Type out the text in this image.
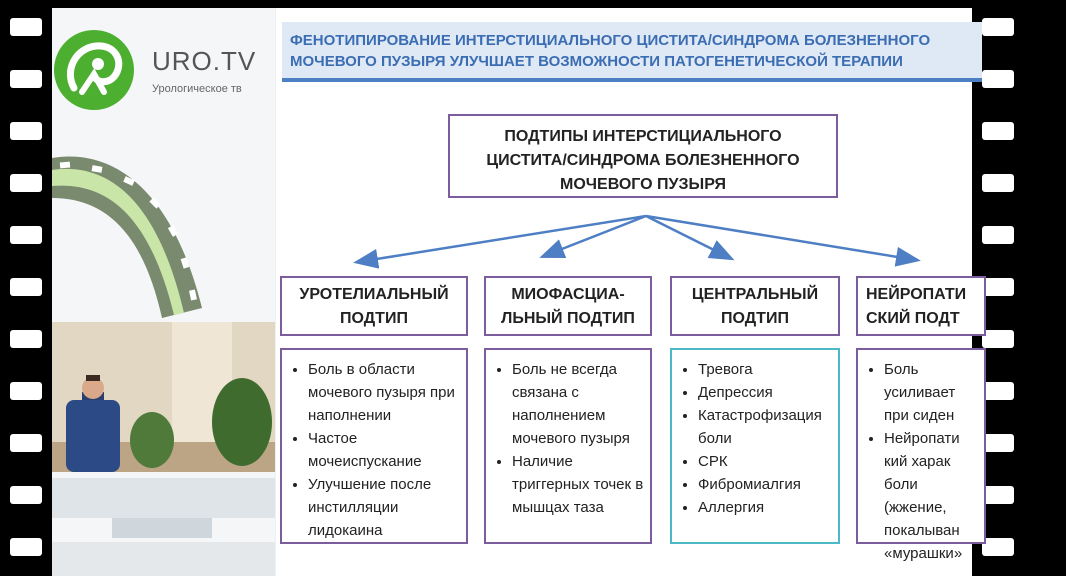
URO.TV
Урологическое тв
ФЕНОТИПИРОВАНИЕ ИНТЕРСТИЦИАЛЬНОГО ЦИСТИТА/СИНДРОМА БОЛЕЗНЕННОГО
МОЧЕВОГО ПУЗЫРЯ УЛУЧШАЕТ ВОЗМОЖНОСТИ ПАТОГЕНЕТИЧЕСКОЙ ТЕРАПИИ
ПОДТИПЫ ИНТЕРСТИЦИАЛЬНОГО
ЦИСТИТА/СИНДРОМА БОЛЕЗНЕННОГО
МОЧЕВОГО ПУЗЫРЯ
УРОТЕЛИАЛЬНЫЙ
ПОДТИП
МИОФАСЦИА-
ЛЬНЫЙ ПОДТИП
ЦЕНТРАЛЬНЫЙ
ПОДТИП
НЕЙРОПАТИ
СКИЙ ПОДТ
• Боль в области мочевого пузыря при наполнении
• Частое мочеиспускание
• Улучшение после инстилляции лидокаина
• Боль не всегда связана с наполнением мочевого пузыря
• Наличие триггерных точек в мышцах таза
• Тревога
• Депрессия
• Катастрофизация боли
• СРК
• Фибромиалгия
• Аллергия
• Боль усиливает при сиден
• Нейропати кий харак боли (жжение, покалыван «мурашки»
